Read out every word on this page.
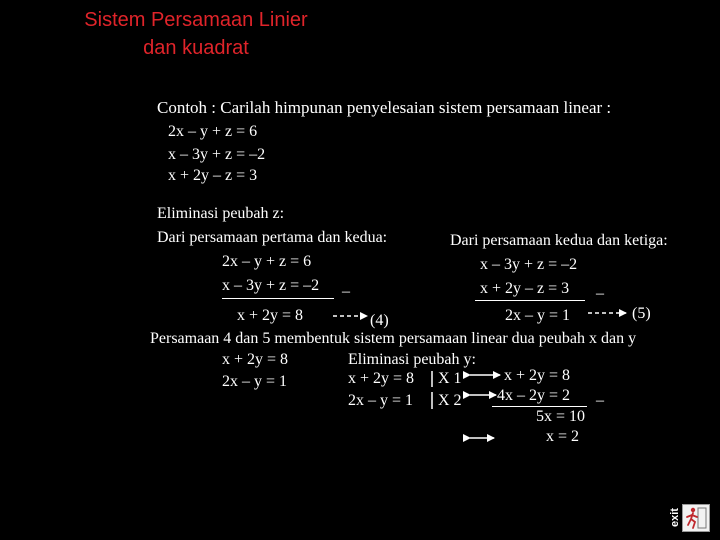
Sistem Persamaan Linier
dan kuadrat
Contoh : Carilah himpunan penyelesaian sistem persamaan linear :
2x – y + z = 6
x – 3y + z = –2
x + 2y – z = 3
Eliminasi peubah z:
Dari persamaan pertama dan kedua:
2x – y + z = 6
x – 3y + z = –2 –
x + 2y = 8	(4)
Dari persamaan kedua dan ketiga:
x – 3y + z = –2
x + 2y – z = 3 –
2x – y = 1	(5)
Persamaan 4 dan 5 membentuk sistem persamaan linear dua peubah x dan y
x + 2y = 8
2x – y = 1
Eliminasi peubah y:
x + 2y = 8 X 1
2x – y = 1 X 2
x + 2y = 8
4x – 2y = 2 –
5x = 10
x = 2
exit
